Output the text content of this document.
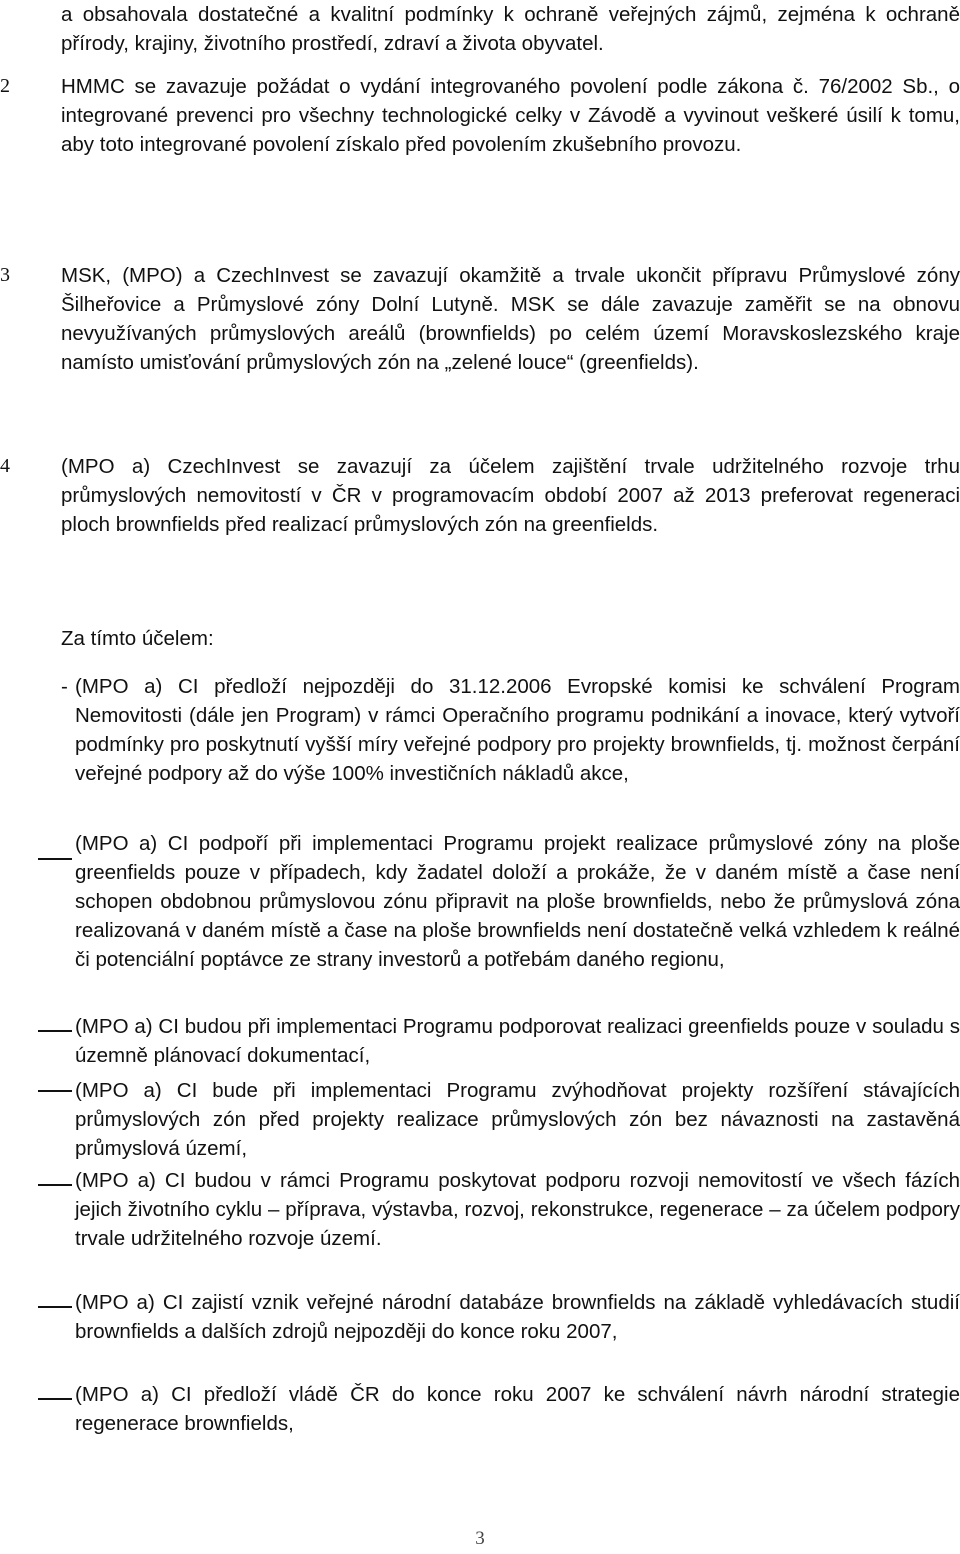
a obsahovala dostatečné a kvalitní podmínky k ochraně veřejných zájmů, zejména k ochraně přírody, krajiny, životního prostředí, zdraví a života obyvatel.

2 HMMC se zavazuje požádat o vydání integrovaného povolení podle zákona č. 76/2002 Sb., o integrované prevenci pro všechny technologické celky v Závodě a vyvinout veškeré úsilí k tomu, aby toto integrované povolení získalo před povolením zkušebního provozu.

3 MSK, (MPO) a CzechInvest se zavazují okamžitě a trvale ukončit přípravu Průmyslové zóny Šilheřovice a Průmyslové zóny Dolní Lutyně. MSK se dále zavazuje zaměřit se na obnovu nevyužívaných průmyslových areálů (brownfields) po celém území Moravskoslezského kraje namísto umisťování průmyslových zón na „zelené louce“ (greenfields).

4 (MPO a) CzechInvest se zavazují za účelem zajištění trvale udržitelného rozvoje trhu průmyslových nemovitostí v ČR v programovacím období 2007 až 2013 preferovat regeneraci ploch brownfields před realizací průmyslových zón na greenfields.

Za tímto účelem:
- (MPO a) CI předloží nejpozději do 31.12.2006 Evropské komisi ke schválení Program Nemovitosti (dále jen Program) v rámci Operačního programu podnikání a inovace, který vytvoří podmínky pro poskytnutí vyšší míry veřejné podpory pro projekty brownfields, tj. možnost čerpání veřejné podpory až do výše 100% investičních nákladů akce,

(MPO a) CI podpoří při implementaci Programu projekt realizace průmyslové zóny na ploše greenfields pouze v případech, kdy žadatel doloží a prokáže, že v daném místě a čase není schopen obdobnou průmyslovou zónu připravit na ploše brownfields, nebo že průmyslová zóna realizovaná v daném místě a čase na ploše brownfields není dostatečně velká vzhledem k reálné či potenciální poptávce ze strany investorů a potřebám daného regionu,

(MPO a) CI budou při implementaci Programu podporovat realizaci greenfields pouze v souladu s územně plánovací dokumentací,

(MPO a) CI bude při implementaci Programu zvýhodňovat projekty rozšíření stávajících průmyslových zón před projekty realizace průmyslových zón bez návaznosti na zastavěná průmyslová území,

(MPO a) CI budou v rámci Programu poskytovat podporu rozvoji nemovitostí ve všech fázích jejich životního cyklu – příprava, výstavba, rozvoj, rekonstrukce, regenerace – za účelem podpory trvale udržitelného rozvoje území.

(MPO a) CI zajistí vznik veřejné národní databáze brownfields na základě vyhledávacích studií brownfields a dalších zdrojů nejpozději do konce roku 2007,

(MPO a) CI předloží vládě ČR do konce roku 2007 ke schválení návrh národní strategie regenerace brownfields,

3
